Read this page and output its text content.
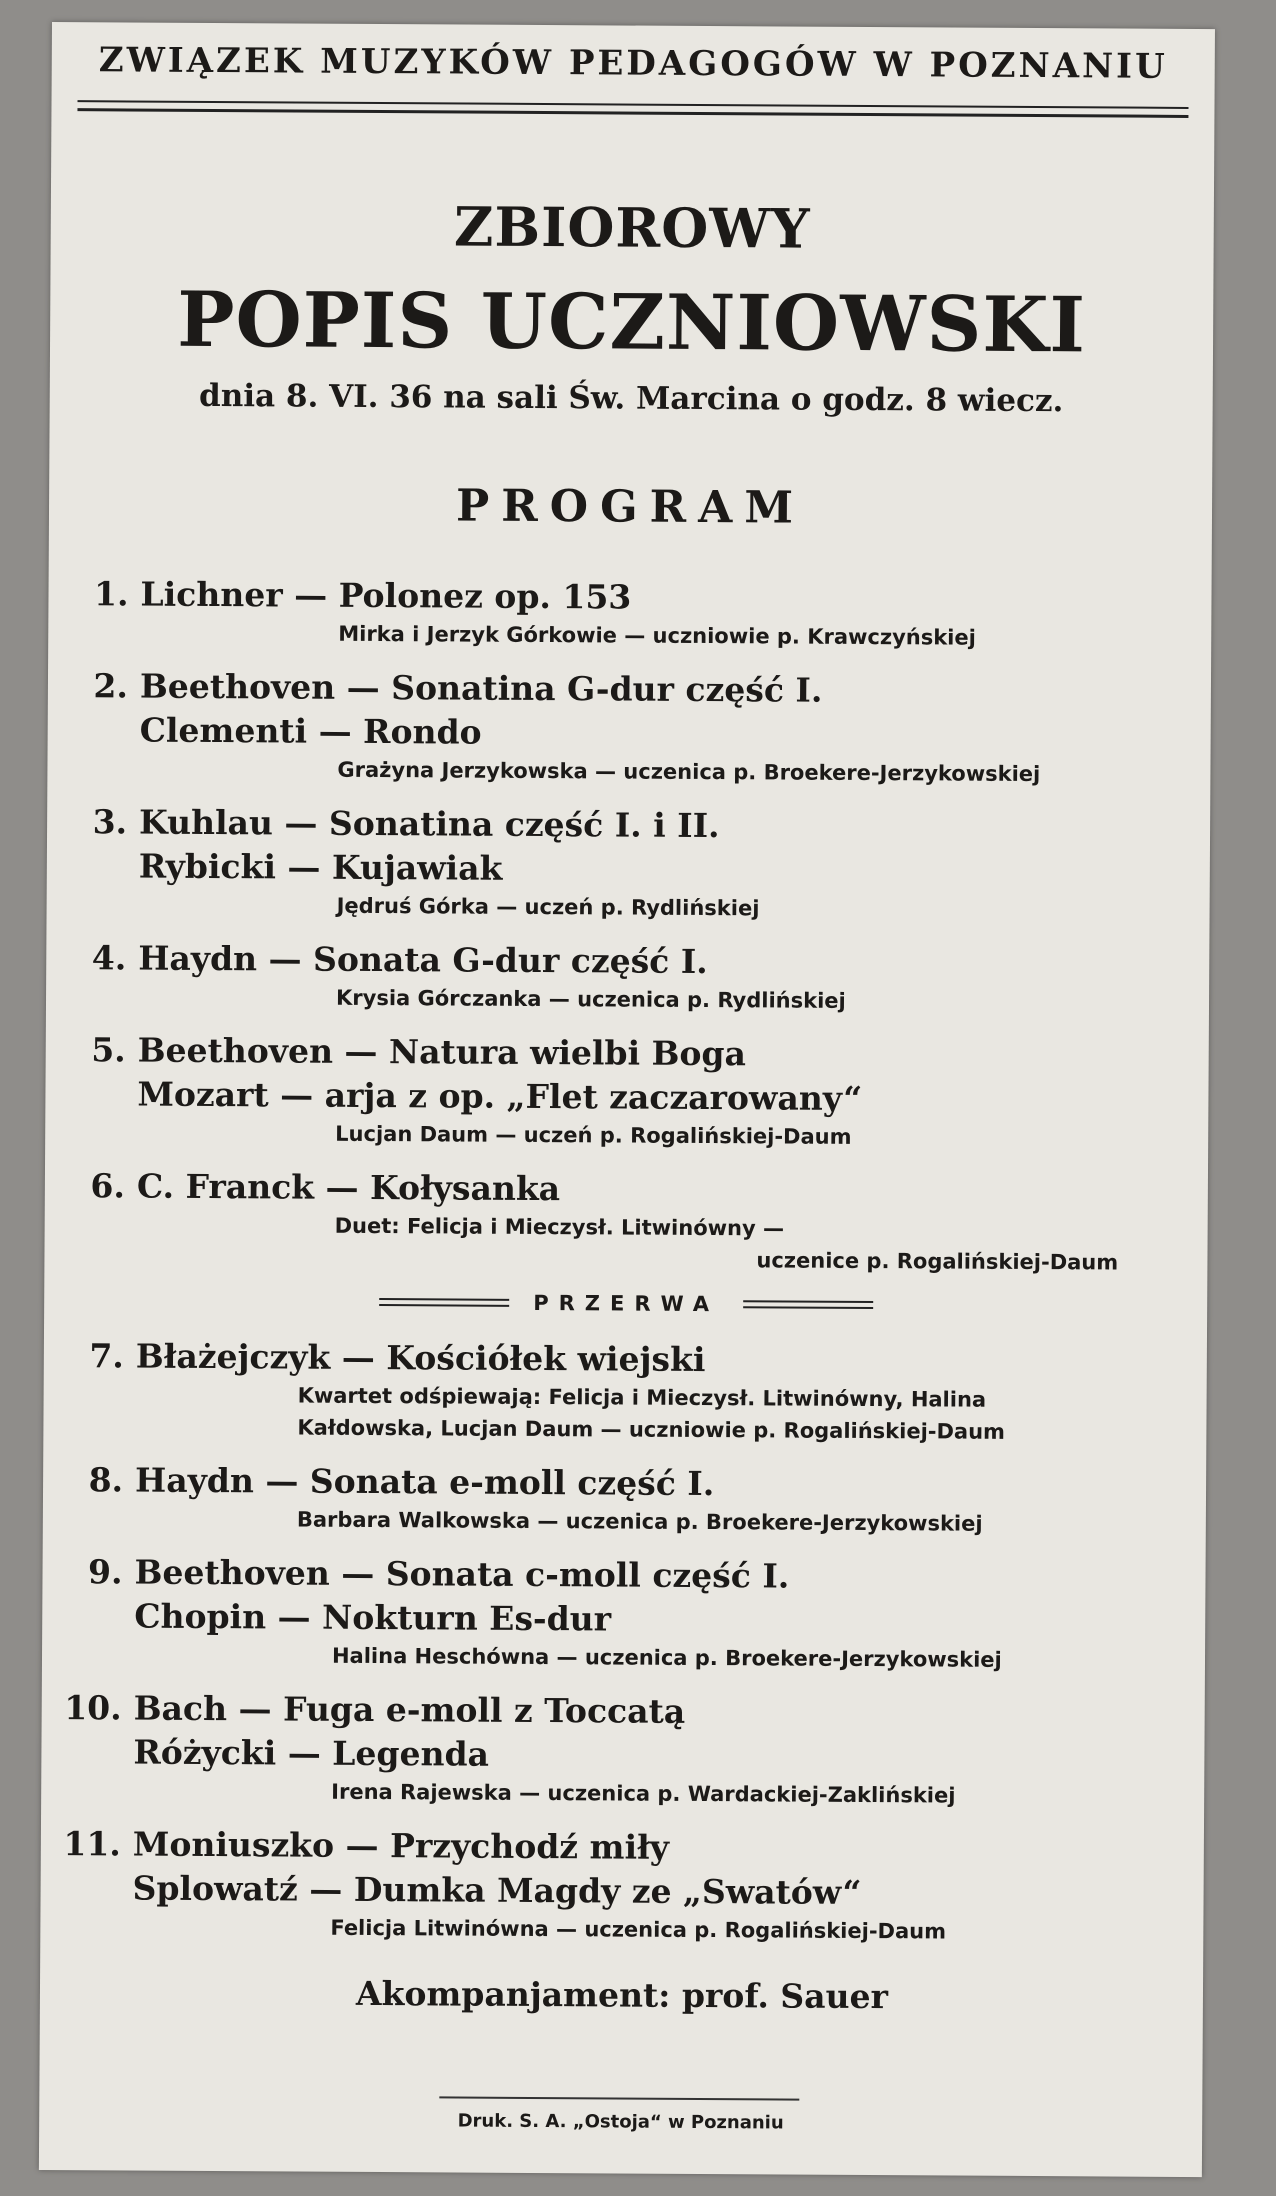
ZWIĄZEK MUZYKÓW PEDAGOGÓW W POZNANIU
ZBIOROWY
POPIS UCZNIOWSKI
dnia 8. VI. 36 na sali Św. Marcina o godz. 8 wiecz.
PROGRAM
1. Lichner — Polonez op. 153
Mirka i Jerzyk Górkowie — uczniowie p. Krawczyńskiej
2. Beethoven — Sonatina G-dur część I.
Clementi — Rondo
Grażyna Jerzykowska — uczenica p. Broekere-Jerzykowskiej
3. Kuhlau — Sonatina część I. i II.
Rybicki — Kujawiak
Jędruś Górka — uczeń p. Rydlińskiej
4. Haydn — Sonata G-dur część I.
Krysia Górczanka — uczenica p. Rydlińskiej
5. Beethoven — Natura wielbi Boga
Mozart — arja z op. „Flet zaczarowany“
Lucjan Daum — uczeń p. Rogalińskiej-Daum
6. C. Franck — Kołysanka
Duet: Felicja i Mieczysł. Litwinówny —
uczenice p. Rogalińskiej-Daum
PRZERWA
7. Błażejczyk — Kościółek wiejski
Kwartet odśpiewają: Felicja i Mieczysł. Litwinówny, Halina
Kałdowska, Lucjan Daum — uczniowie p. Rogalińskiej-Daum
8. Haydn — Sonata e-moll część I.
Barbara Walkowska — uczenica p. Broekere-Jerzykowskiej
9. Beethoven — Sonata c-moll część I.
Chopin — Nokturn Es-dur
Halina Heschówna — uczenica p. Broekere-Jerzykowskiej
10. Bach — Fuga e-moll z Toccatą
Różycki — Legenda
Irena Rajewska — uczenica p. Wardackiej-Zaklińskiej
11. Moniuszko — Przychodź miły
Splowatź — Dumka Magdy ze „Swatów“
Felicja Litwinówna — uczenica p. Rogalińskiej-Daum
Akompanjament: prof. Sauer
Druk. S. A. „Ostoja“ w Poznaniu
